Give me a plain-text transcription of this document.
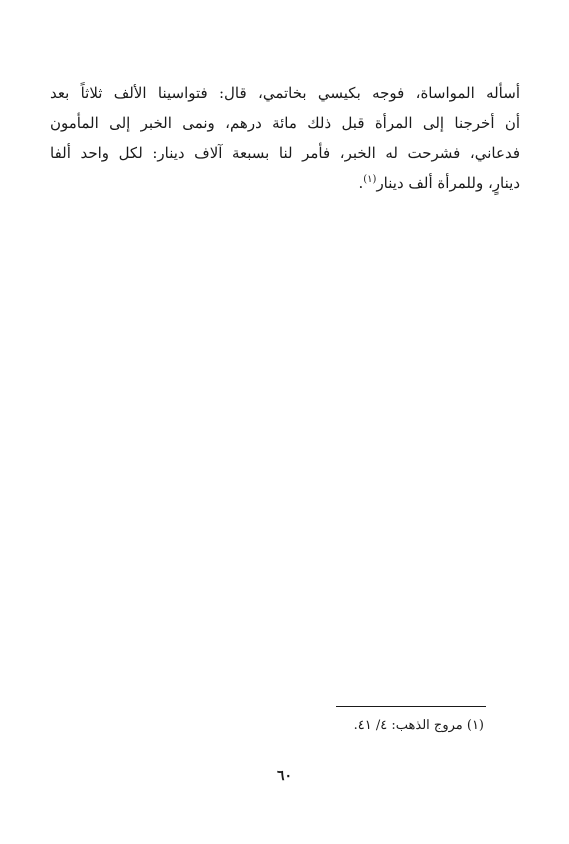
أسأله المواساة، فوجه بكيسي بخاتمي، قال: فتواسينا الألف ثلاثاً بعد
أن أخرجنا إلى المرأة قبل ذلك مائة درهم، ونمى الخبر إلى المأمون
فدعاني، فشرحت له الخبر، فأمر لنا بسبعة آلاف دينار: لكل واحد ألفا
دينارٍ، وللمرأة ألف دينار$^{(١)}$.
(١) مروج الذهب: ٤/ ٤١.
٦٠
